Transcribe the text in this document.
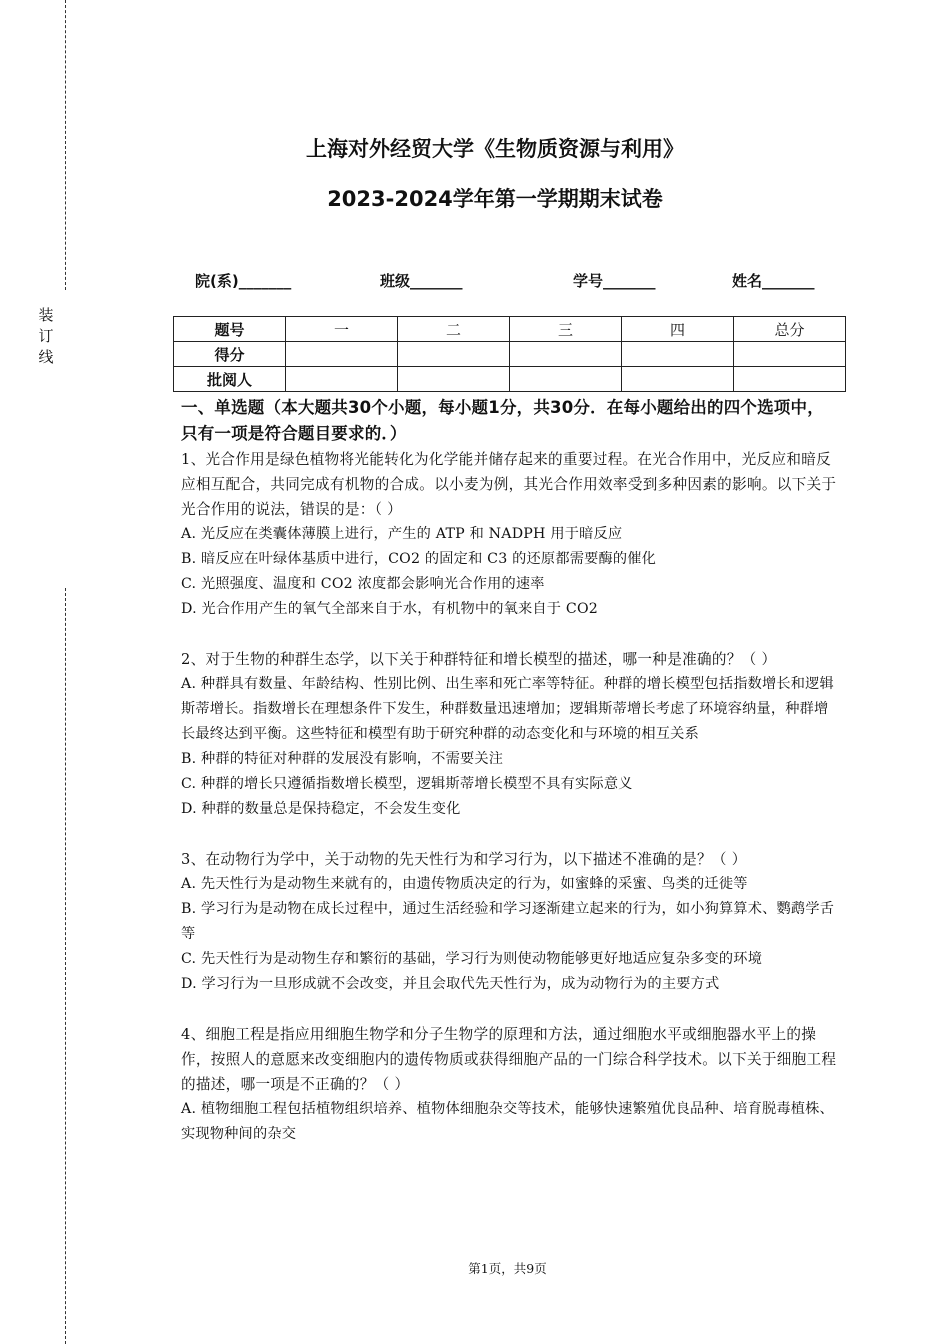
装订线
上海对外经贸大学《生物质资源与利用》
2023-2024学年第一学期期末试卷
院(系)_______	班级_______	学号_______	姓名_______
题号	一	二	三	四	总分
得分					
批阅人					

一、单选题（本大题共30个小题，每小题1分，共30分．在每小题给出的四个选项中，只有一项是符合题目要求的．）

1、光合作用是绿色植物将光能转化为化学能并储存起来的重要过程。在光合作用中，光反应和暗反应相互配合，共同完成有机物的合成。以小麦为例，其光合作用效率受到多种因素的影响。以下关于光合作用的说法，错误的是：（ ）

A. 光反应在类囊体薄膜上进行，产生的 ATP 和 NADPH 用于暗反应

B. 暗反应在叶绿体基质中进行，CO2 的固定和 C3 的还原都需要酶的催化

C. 光照强度、温度和 CO2 浓度都会影响光合作用的速率

D. 光合作用产生的氧气全部来自于水，有机物中的氧来自于 CO2

2、对于生物的种群生态学，以下关于种群特征和增长模型的描述，哪一种是准确的？（ ）

A. 种群具有数量、年龄结构、性别比例、出生率和死亡率等特征。种群的增长模型包括指数增长和逻辑斯蒂增长。指数增长在理想条件下发生，种群数量迅速增加；逻辑斯蒂增长考虑了环境容纳量，种群增长最终达到平衡。这些特征和模型有助于研究种群的动态变化和与环境的相互关系

B. 种群的特征对种群的发展没有影响，不需要关注

C. 种群的增长只遵循指数增长模型，逻辑斯蒂增长模型不具有实际意义

D. 种群的数量总是保持稳定，不会发生变化

3、在动物行为学中，关于动物的先天性行为和学习行为，以下描述不准确的是？（ ）

A. 先天性行为是动物生来就有的，由遗传物质决定的行为，如蜜蜂的采蜜、鸟类的迁徙等

B. 学习行为是动物在成长过程中，通过生活经验和学习逐渐建立起来的行为，如小狗算算术、鹦鹉学舌等

C. 先天性行为是动物生存和繁衍的基础，学习行为则使动物能够更好地适应复杂多变的环境

D. 学习行为一旦形成就不会改变，并且会取代先天性行为，成为动物行为的主要方式

4、细胞工程是指应用细胞生物学和分子生物学的原理和方法，通过细胞水平或细胞器水平上的操作，按照人的意愿来改变细胞内的遗传物质或获得细胞产品的一门综合科学技术。以下关于细胞工程的描述，哪一项是不正确的？（ ）

A. 植物细胞工程包括植物组织培养、植物体细胞杂交等技术，能够快速繁殖优良品种、培育脱毒植株、实现物种间的杂交

第1页，共9页
